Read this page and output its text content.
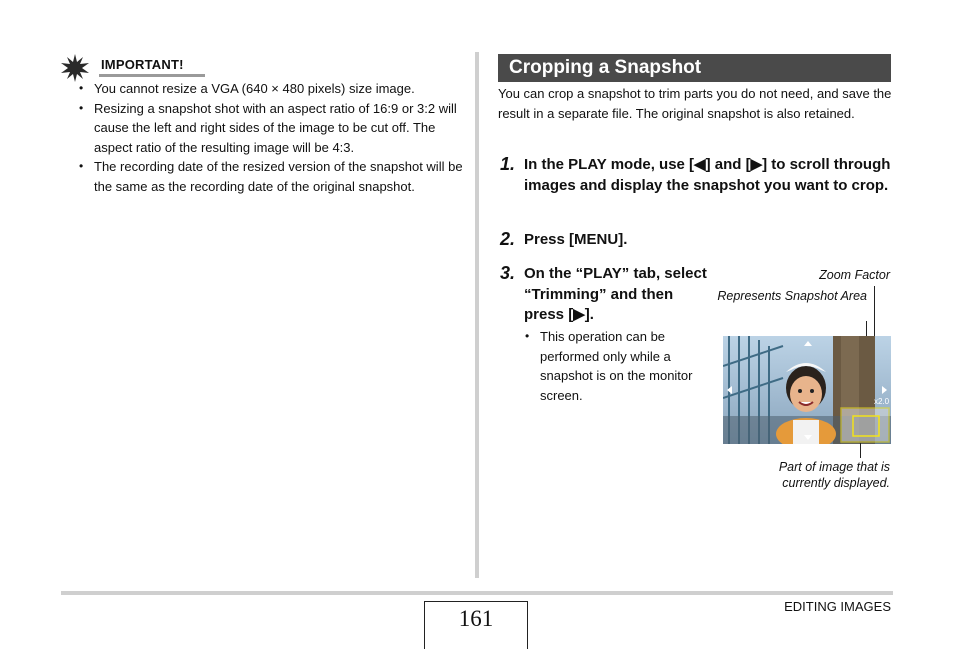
IMPORTANT!
• You cannot resize a VGA (640 × 480 pixels) size image.
• Resizing a snapshot shot with an aspect ratio of 16:9 or 3:2 will cause the left and right sides of the image to be cut off. The aspect ratio of the resulting image will be 4:3.
• The recording date of the resized version of the snapshot will be the same as the recording date of the original snapshot.
Cropping a Snapshot
You can crop a snapshot to trim parts you do not need, and save the result in a separate file. The original snapshot is also retained.
1. In the PLAY mode, use [◀] and [▶] to scroll through images and display the snapshot you want to crop.
2. Press [MENU].
3. On the “PLAY” tab, select “Trimming” and then press [▶].
• This operation can be performed only while a snapshot is on the monitor screen.
Zoom Factor
Represents Snapshot Area
x2.0
Part of image that is currently displayed.
161	EDITING IMAGES
